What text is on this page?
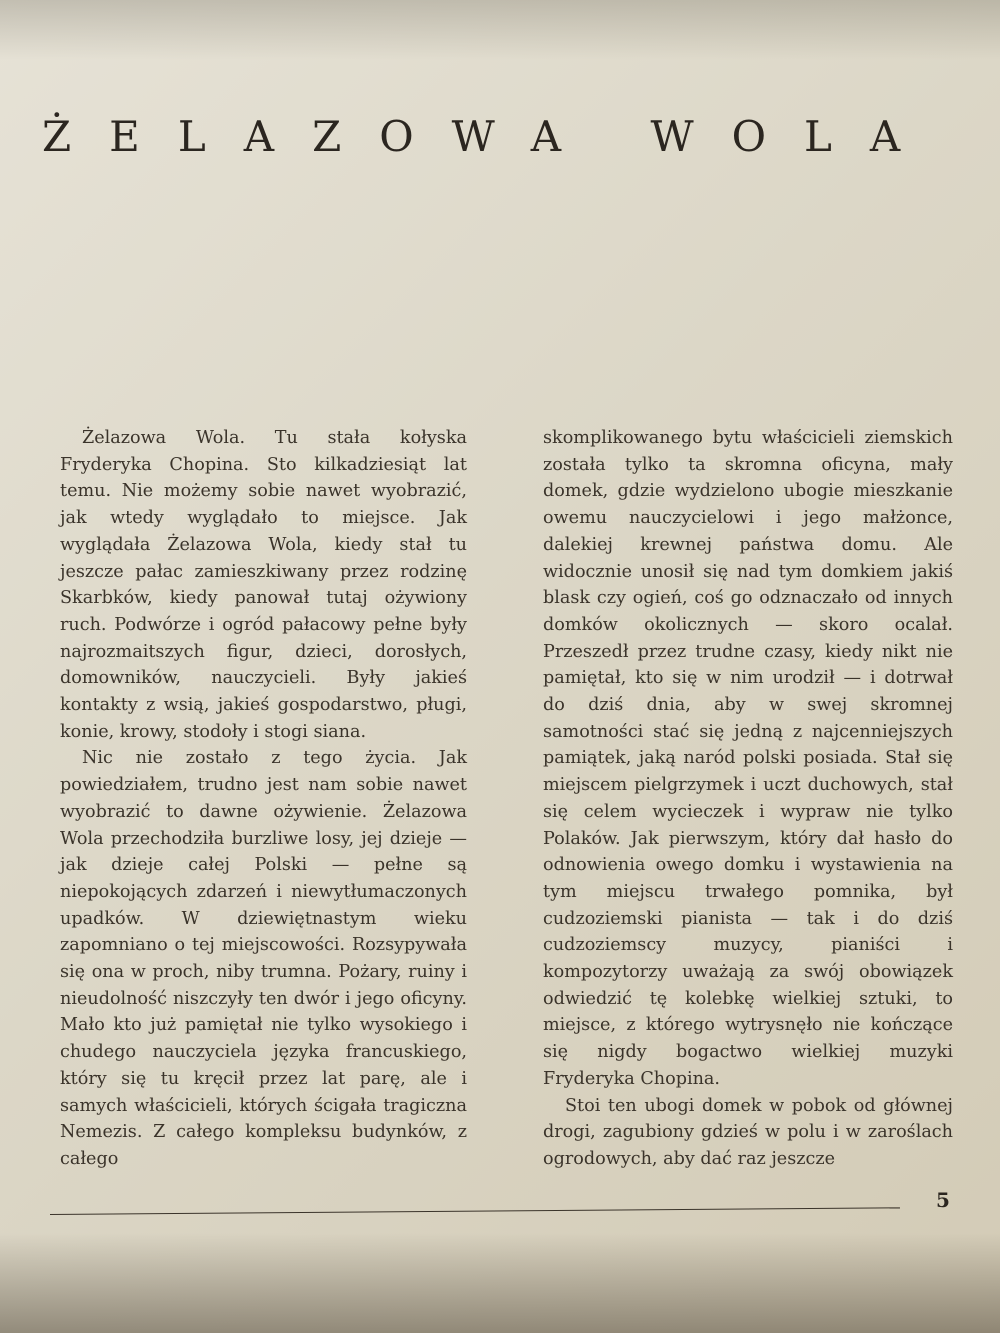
ŻELAZOWA WOLA

Żelazowa Wola. Tu stała kołyska Fryderyka Chopina. Sto kilkadziesiąt lat temu. Nie możemy sobie nawet wyobrazić, jak wtedy wyglądało to miejsce. Jak wyglądała Żelazowa Wola, kiedy stał tu jeszcze pałac zamieszkiwany przez rodzinę Skarbków, kiedy panował tutaj ożywiony ruch. Podwórze i ogród pałacowy pełne były najrozmaitszych figur, dzieci, dorosłych, domowników, nauczycieli. Były jakieś kontakty z wsią, jakieś gospodarstwo, pługi, konie, krowy, stodoły i stogi siana.

Nic nie zostało z tego życia. Jak powiedziałem, trudno jest nam sobie nawet wyobrazić to dawne ożywienie. Żelazowa Wola przechodziła burzliwe losy, jej dzieje — jak dzieje całej Polski — pełne są niepokojących zdarzeń i niewytłumaczonych upadków. W dziewiętnastym wieku zapomniano o tej miejscowości. Rozsypywała się ona w proch, niby trumna. Pożary, ruiny i nieudolność niszczyły ten dwór i jego oficyny. Mało kto już pamiętał nie tylko wysokiego i chudego nauczyciela języka francuskiego, który się tu kręcił przez lat parę, ale i samych właścicieli, których ścigała tragiczna Nemezis. Z całego kompleksu budynków, z całego

skomplikowanego bytu właścicieli ziemskich została tylko ta skromna oficyna, mały domek, gdzie wydzielono ubogie mieszkanie owemu nauczycielowi i jego małżonce, dalekiej krewnej państwa domu. Ale widocznie unosił się nad tym domkiem jakiś blask czy ogień, coś go odznaczało od innych domków okolicznych — skoro ocalał. Przeszedł przez trudne czasy, kiedy nikt nie pamiętał, kto się w nim urodził — i dotrwał do dziś dnia, aby w swej skromnej samotności stać się jedną z najcenniejszych pamiątek, jaką naród polski posiada. Stał się miejscem pielgrzymek i uczt duchowych, stał się celem wycieczek i wypraw nie tylko Polaków. Jak pierwszym, który dał hasło do odnowienia owego domku i wystawienia na tym miejscu trwałego pomnika, był cudzoziemski pianista — tak i do dziś cudzoziemscy muzycy, pianiści i kompozytorzy uważają za swój obowiązek odwiedzić tę kolebkę wielkiej sztuki, to miejsce, z którego wytrysnęło nie kończące się nigdy bogactwo wielkiej muzyki Fryderyka Chopina.

Stoi ten ubogi domek w pobok od głównej drogi, zagubiony gdzieś w polu i w zaroślach ogrodowych, aby dać raz jeszcze

5
